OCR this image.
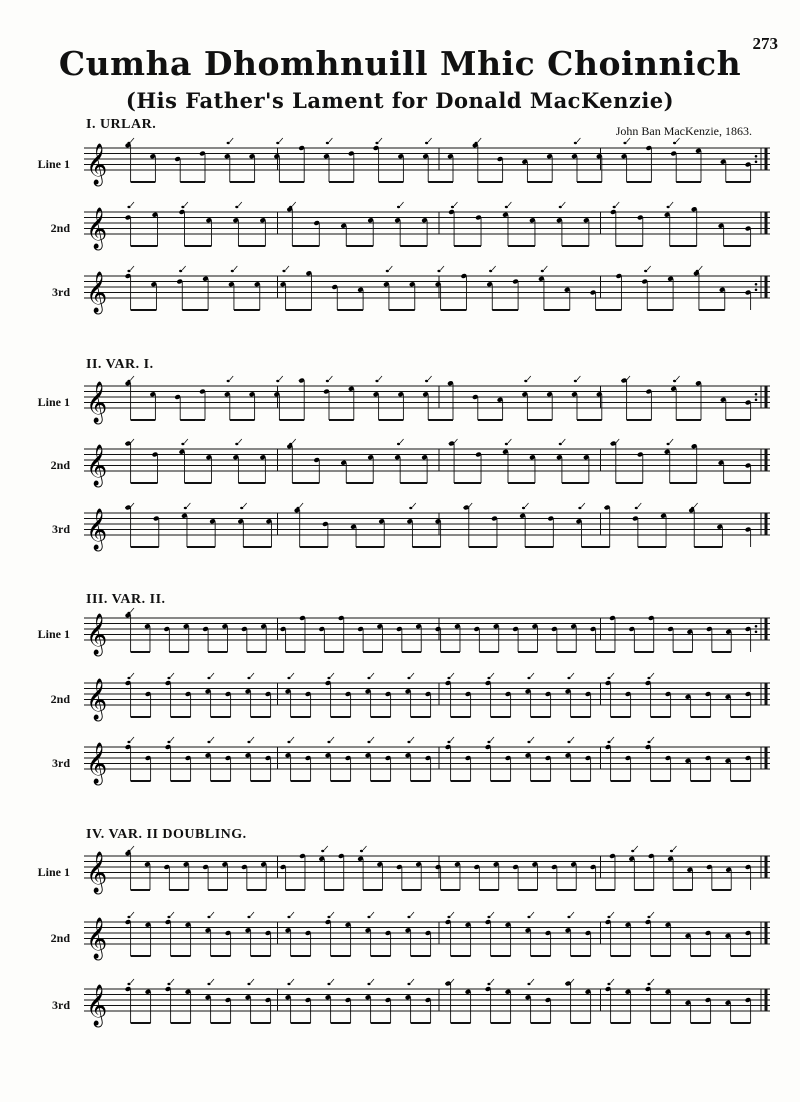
273
Cumha Dhomhnuill Mhic Choinnich
(His Father's Lament for Donald MacKenzie)
John Ban MacKenzie, 1863.
I. URLAR.
Line 1 𝄞
2nd 𝄞
3rd 𝄞
II. VAR. I.
Line 1 𝄞
2nd 𝄞
3rd 𝄞
III. VAR. II.
Line 1 𝄞
2nd 𝄞
3rd 𝄞
IV. VAR. II DOUBLING.
Line 1 𝄞
2nd 𝄞
3rd 𝄞
